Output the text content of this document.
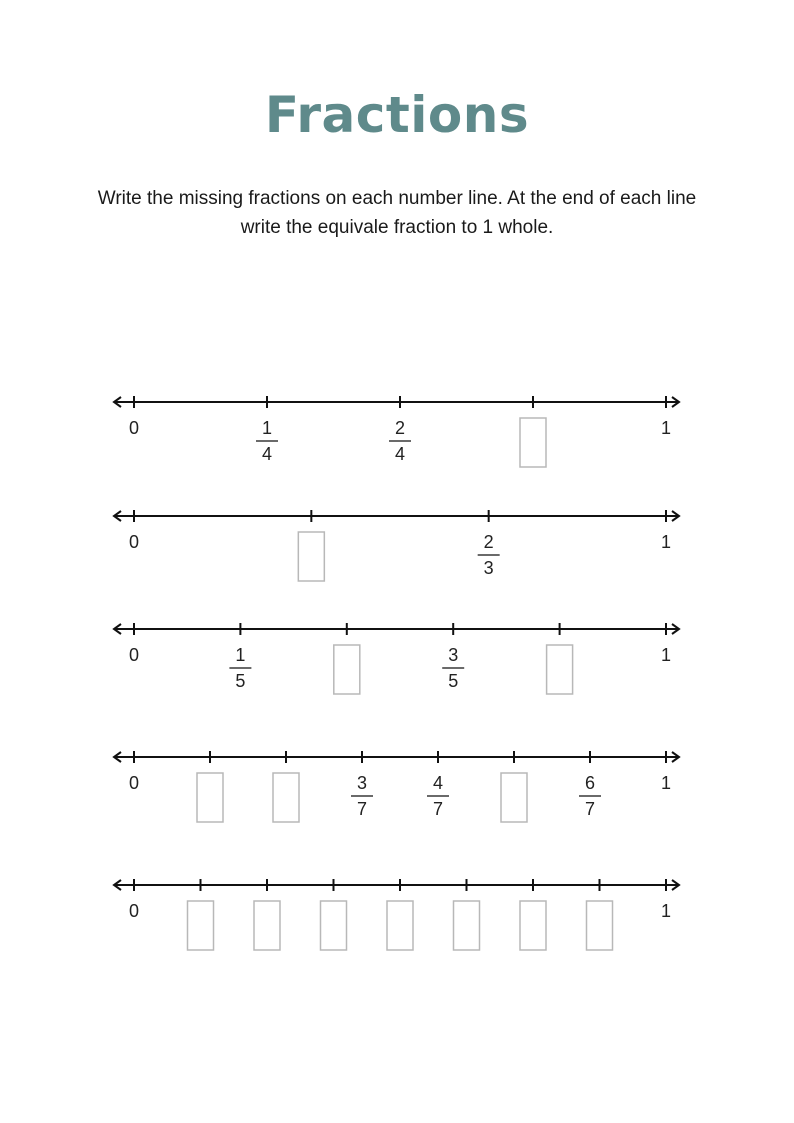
Fractions
Write the missing fractions on each number line. At the end of each line write the equivale fraction to 1 whole.
0	1
1
4
2
4
0	1
2
3
0	1
1
5
3
5
0	1
3
7
4
7
6
7
0	1
